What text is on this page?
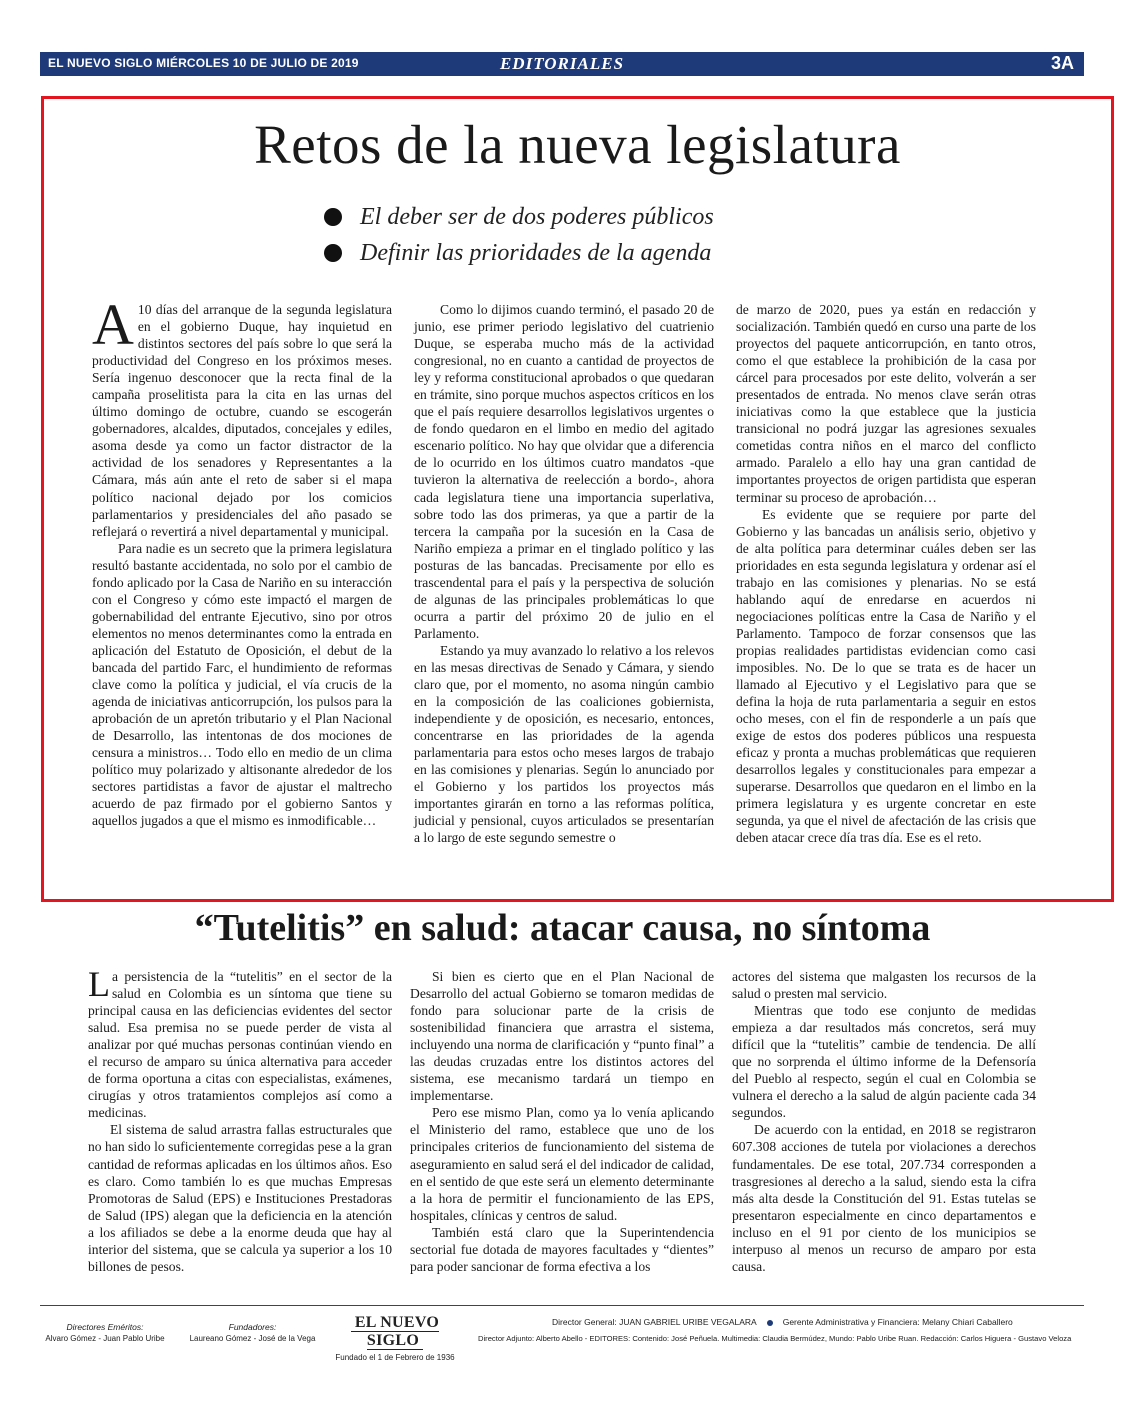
EL NUEVO SIGLO MIÉRCOLES 10 DE JULIO DE 2019	EDITORIALES	3A
Retos de la nueva legislatura
El deber ser de dos poderes públicos
Definir las prioridades de la agenda

A 10 días del arranque de la segunda legislatura en el gobierno Duque, hay inquietud en distintos sectores del país sobre lo que será la productividad del Congreso en los próximos meses. Sería ingenuo desconocer que la recta final de la campaña proselitista para la cita en las urnas del último domingo de octubre, cuando se escogerán gobernadores, alcaldes, diputados, concejales y ediles, asoma desde ya como un factor distractor de la actividad de los senadores y Representantes a la Cámara, más aún ante el reto de saber si el mapa político nacional dejado por los comicios parlamentarios y presidenciales del año pasado se reflejará o revertirá a nivel departamental y municipal.

Para nadie es un secreto que la primera legislatura resultó bastante accidentada, no solo por el cambio de fondo aplicado por la Casa de Nariño en su interacción con el Congreso y cómo este impactó el margen de gobernabilidad del entrante Ejecutivo, sino por otros elementos no menos determinantes como la entrada en aplicación del Estatuto de Oposición, el debut de la bancada del partido Farc, el hundimiento de reformas clave como la política y judicial, el vía crucis de la agenda de iniciativas anticorrupción, los pulsos para la aprobación de un apretón tributario y el Plan Nacional de Desarrollo, las intentonas de dos mociones de censura a ministros… Todo ello en medio de un clima político muy polarizado y altisonante alrededor de los sectores partidistas a favor de ajustar el maltrecho acuerdo de paz firmado por el gobierno Santos y aquellos jugados a que el mismo es inmodificable…

Como lo dijimos cuando terminó, el pasado 20 de junio, ese primer periodo legislativo del cuatrienio Duque, se esperaba mucho más de la actividad congresional, no en cuanto a cantidad de proyectos de ley y reforma constitucional aprobados o que quedaran en trámite, sino porque muchos aspectos críticos en los que el país requiere desarrollos legislativos urgentes o de fondo quedaron en el limbo en medio del agitado escenario político. No hay que olvidar que a diferencia de lo ocurrido en los últimos cuatro mandatos -que tuvieron la alternativa de reelección a bordo-, ahora cada legislatura tiene una importancia superlativa, sobre todo las dos primeras, ya que a partir de la tercera la campaña por la sucesión en la Casa de Nariño empieza a primar en el tinglado político y las posturas de las bancadas. Precisamente por ello es trascendental para el país y la perspectiva de solución de algunas de las principales problemáticas lo que ocurra a partir del próximo 20 de julio en el Parlamento.

Estando ya muy avanzado lo relativo a los relevos en las mesas directivas de Senado y Cámara, y siendo claro que, por el momento, no asoma ningún cambio en la composición de las coaliciones gobiernista, independiente y de oposición, es necesario, entonces, concentrarse en las prioridades de la agenda parlamentaria para estos ocho meses largos de trabajo en las comisiones y plenarias. Según lo anunciado por el Gobierno y los partidos los proyectos más importantes girarán en torno a las reformas política, judicial y pensional, cuyos articulados se presentarían a lo largo de este segundo semestre o

de marzo de 2020, pues ya están en redacción y socialización. También quedó en curso una parte de los proyectos del paquete anticorrupción, en tanto otros, como el que establece la prohibición de la casa por cárcel para procesados por este delito, volverán a ser presentados de entrada. No menos clave serán otras iniciativas como la que establece que la justicia transicional no podrá juzgar las agresiones sexuales cometidas contra niños en el marco del conflicto armado. Paralelo a ello hay una gran cantidad de importantes proyectos de origen partidista que esperan terminar su proceso de aprobación…

Es evidente que se requiere por parte del Gobierno y las bancadas un análisis serio, objetivo y de alta política para determinar cuáles deben ser las prioridades en esta segunda legislatura y ordenar así el trabajo en las comisiones y plenarias. No se está hablando aquí de enredarse en acuerdos ni negociaciones políticas entre la Casa de Nariño y el Parlamento. Tampoco de forzar consensos que las propias realidades partidistas evidencian como casi imposibles. No. De lo que se trata es de hacer un llamado al Ejecutivo y el Legislativo para que se defina la hoja de ruta parlamentaria a seguir en estos ocho meses, con el fin de responderle a un país que exige de estos dos poderes públicos una respuesta eficaz y pronta a muchas problemáticas que requieren desarrollos legales y constitucionales para empezar a superarse. Desarrollos que quedaron en el limbo en la primera legislatura y es urgente concretar en este segunda, ya que el nivel de afectación de las crisis que deben atacar crece día tras día. Ese es el reto.

“Tutelitis” en salud: atacar causa, no síntoma

La persistencia de la “tutelitis” en el sector de la salud en Colombia es un síntoma que tiene su principal causa en las deficiencias evidentes del sector salud. Esa premisa no se puede perder de vista al analizar por qué muchas personas continúan viendo en el recurso de amparo su única alternativa para acceder de forma oportuna a citas con especialistas, exámenes, cirugías y otros tratamientos complejos así como a medicinas.

El sistema de salud arrastra fallas estructurales que no han sido lo suficientemente corregidas pese a la gran cantidad de reformas aplicadas en los últimos años. Eso es claro. Como también lo es que muchas Empresas Promotoras de Salud (EPS) e Instituciones Prestadoras de Salud (IPS) alegan que la deficiencia en la atención a los afiliados se debe a la enorme deuda que hay al interior del sistema, que se calcula ya superior a los 10 billones de pesos.

Si bien es cierto que en el Plan Nacional de Desarrollo del actual Gobierno se tomaron medidas de fondo para solucionar parte de la crisis de sostenibilidad financiera que arrastra el sistema, incluyendo una norma de clarificación y “punto final” a las deudas cruzadas entre los distintos actores del sistema, ese mecanismo tardará un tiempo en implementarse.

Pero ese mismo Plan, como ya lo venía aplicando el Ministerio del ramo, establece que uno de los principales criterios de funcionamiento del sistema de aseguramiento en salud será el del indicador de calidad, en el sentido de que este será un elemento determinante a la hora de permitir el funcionamiento de las EPS, hospitales, clínicas y centros de salud.

También está claro que la Superintendencia sectorial fue dotada de mayores facultades y “dientes” para poder sancionar de forma efectiva a los

actores del sistema que malgasten los recursos de la salud o presten mal servicio.

Mientras que todo ese conjunto de medidas empieza a dar resultados más concretos, será muy difícil que la “tutelitis” cambie de tendencia. De allí que no sorprenda el último informe de la Defensoría del Pueblo al respecto, según el cual en Colombia se vulnera el derecho a la salud de algún paciente cada 34 segundos.

De acuerdo con la entidad, en 2018 se registraron 607.308 acciones de tutela por violaciones a derechos fundamentales. De ese total, 207.734 corresponden a trasgresiones al derecho a la salud, siendo esta la cifra más alta desde la Constitución del 91. Estas tutelas se presentaron especialmente en cinco departamentos e incluso en el 91 por ciento de los municipios se interpuso al menos un recurso de amparo por esta causa.

Directores Eméritos:
Alvaro Gómez - Juan Pablo Uribe
Fundadores:
Laureano Gómez - José de la Vega
EL NUEVO SIGLO
Fundado el 1 de Febrero de 1936
Director General: JUAN GABRIEL URIBE VEGALARA	Gerente Administrativa y Financiera: Melany Chiari Caballero
Director Adjunto: Alberto Abello - EDITORES: Contenido: José Peñuela. Multimedia: Claudia Bermúdez, Mundo: Pablo Uribe Ruan. Redacción: Carlos Higuera - Gustavo Veloza
